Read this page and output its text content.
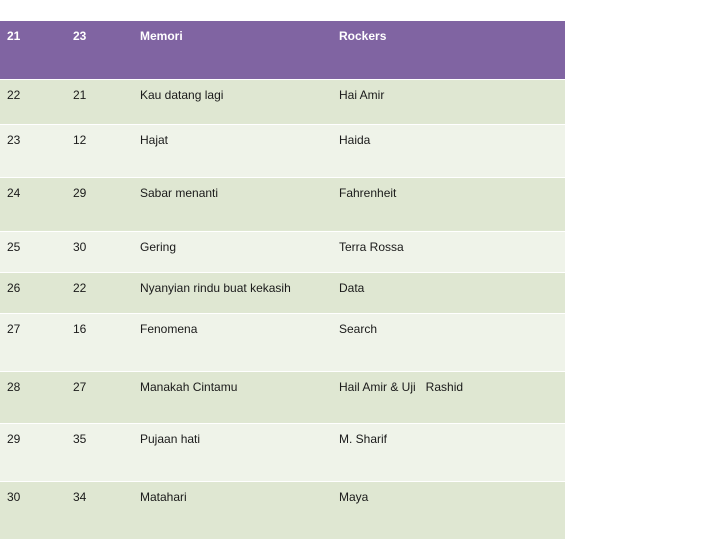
21	23	Memori	Rockers
22	21	Kau datang lagi	Hai Amir
23	12	Hajat	Haida
24	29	Sabar menanti	Fahrenheit
25	30	Gering	Terra Rossa
26	22	Nyanyian rindu buat kekasih	Data
27	16	Fenomena	Search
28	27	Manakah Cintamu	Hail Amir & Uji   Rashid
29	35	Pujaan hati	M. Sharif
30	34	Matahari	Maya
